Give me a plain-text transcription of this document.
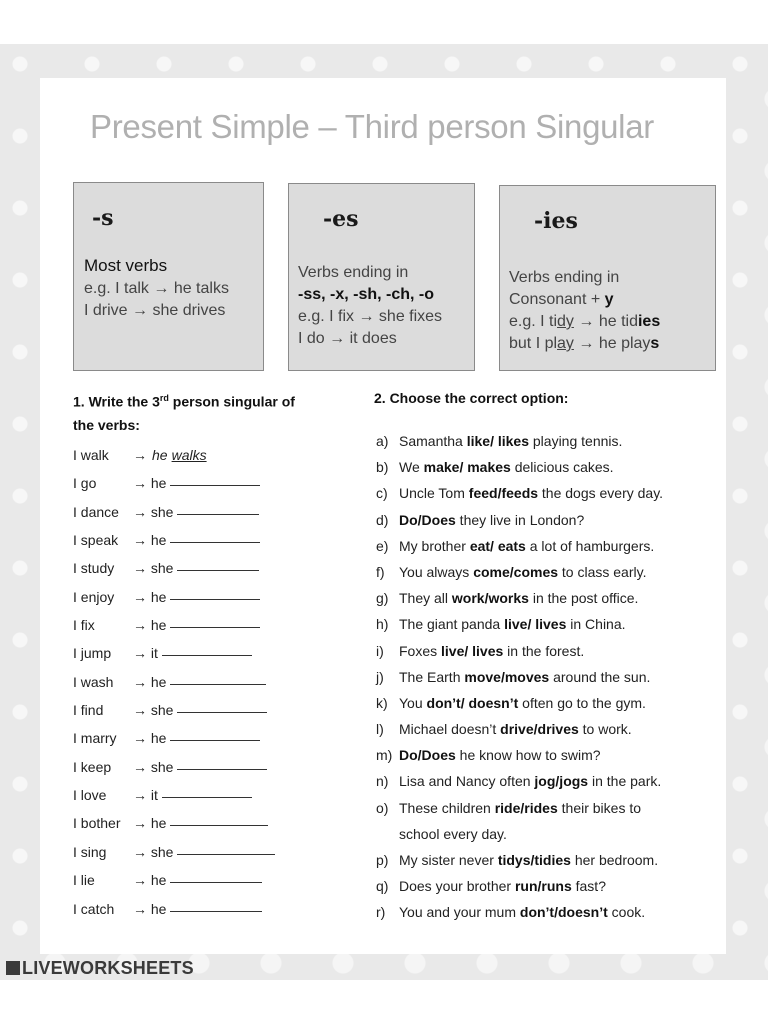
Present Simple – Third person Singular
-s
Most verbs
e.g. I talk → he talks
I drive → she drives
-es
Verbs ending in
-ss, -x, -sh, -ch, -o
e.g. I fix → she fixes
I do → it does
-ies
Verbs ending in
Consonant + y
e.g. I tidy → he tidies
but I play → he plays
1. Write the 3rd person singular of
the verbs:
I walk → he walks
I go	→ he
I dance → she
I speak → he
I study → she
I enjoy → he
I fix	→ he
I jump → it
I wash → he
I find → she
I marry → he
I keep → she
I love → it
I bother → he
I sing → she
I lie	→ he
I catch → he
2. Choose the correct option:
a) Samantha like/ likes playing tennis.
b) We make/ makes delicious cakes.
c) Uncle Tom feed/feeds the dogs every day.
d) Do/Does they live in London?
e) My brother eat/ eats a lot of hamburgers.
f) You always come/comes to class early.
g) They all work/works in the post office.
h) The giant panda live/ lives in China.
i) Foxes live/ lives in the forest.
j) The Earth move/moves around the sun.
k) You don’t/ doesn’t often go to the gym.
l) Michael doesn’t drive/drives to work.
m) Do/Does he know how to swim?
n) Lisa and Nancy often jog/jogs in the park.
o) These children ride/rides their bikes to
school every day.
p) My sister never tidys/tidies her bedroom.
q) Does your brother run/runs fast?
r) You and your mum don’t/doesn’t cook.
LIVEWORKSHEETS
